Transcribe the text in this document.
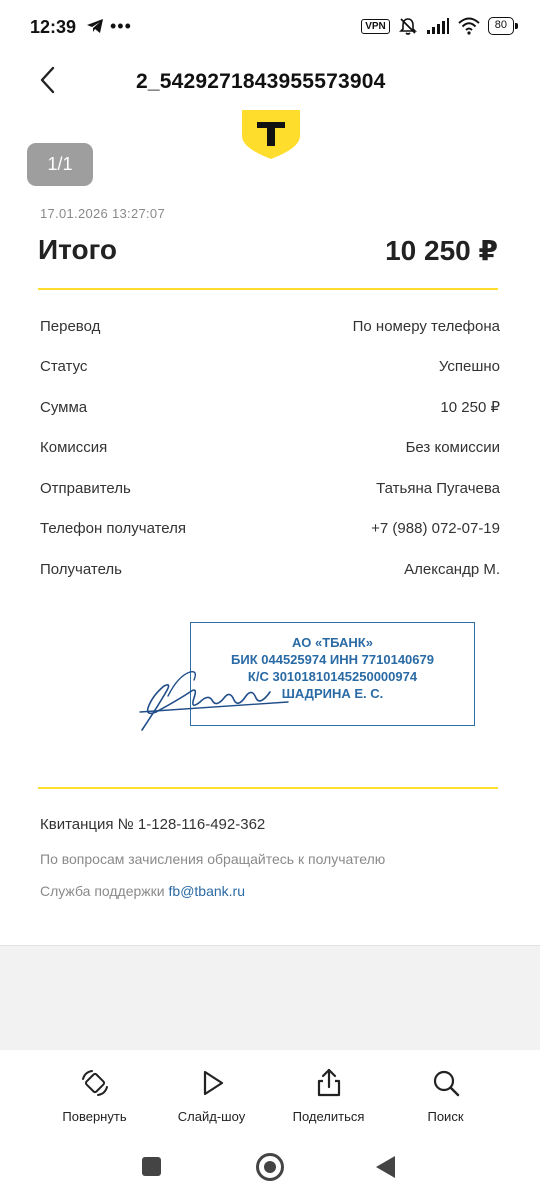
12:39 •••	VPN	80
2_5429271843955573904
1/1
17.01.2026 13:27:07
Итого	10 250 ₽
Перевод	По номеру телефона
Статус	Успешно
Сумма	10 250 ₽
Комиссия	Без комиссии
Отправитель	Татьяна Пугачева
Телефон получателя	+7 (988) 072-07-19
Получатель	Александр М.
АО «ТБАНК»
БИК 044525974 ИНН 7710140679
К/С 30101810145250000974
ШАДРИНА Е. С.
Квитанция № 1-128-116-492-362
По вопросам зачисления обращайтесь к получателю
Служба поддержки fb@tbank.ru
Повернуть	Слайд-шоу	Поделиться	Поиск
